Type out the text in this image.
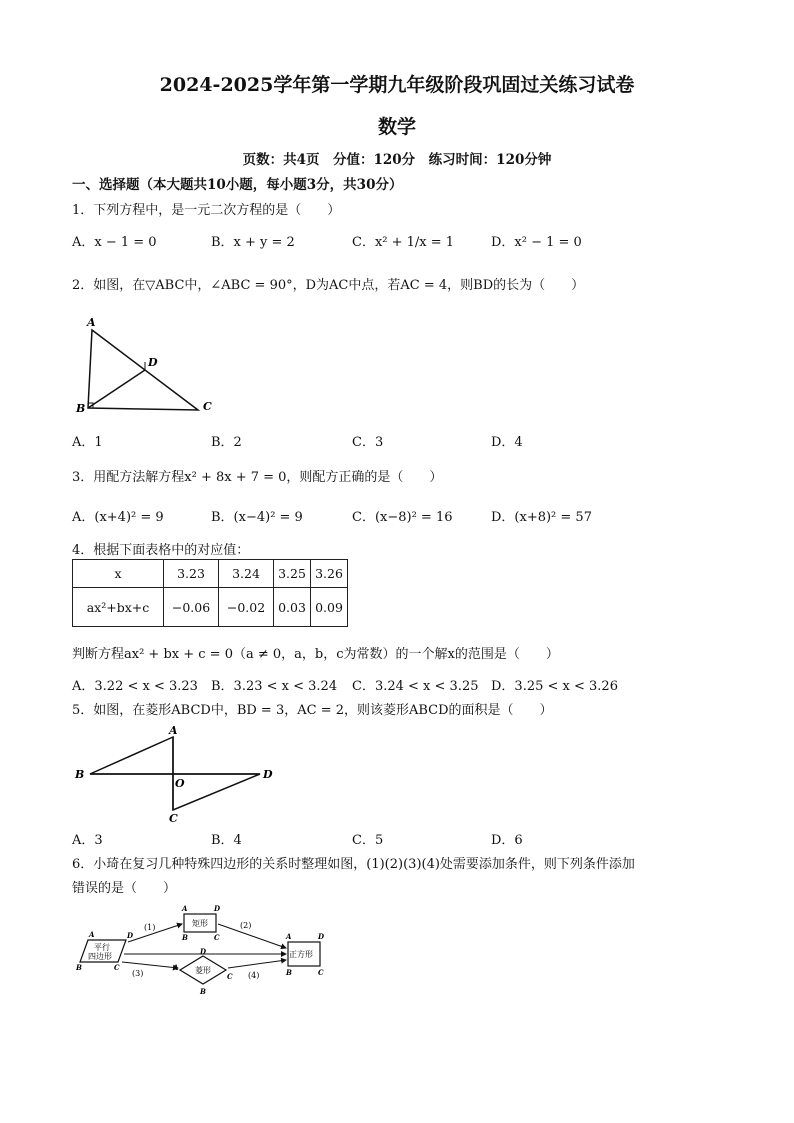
2024-2025学年第一学期九年级阶段巩固过关练习试卷
数学
页数：共4页　分值：120分　练习时间：120分钟
一、选择题（本大题共10小题，每小题3分，共30分）
1．下列方程中，是一元二次方程的是（　　）
A．x − 1 = 0	B．x + y = 2	C．x² + 1/x = 1	D．x² − 1 = 0
2．如图，在▽ABC中，∠ABC = 90°，D为AC中点，若AC = 4，则BD的长为（　　）
A
D
B	C
A．1	B．2	C．3	D．4
3．用配方法解方程x² + 8x + 7 = 0，则配方正确的是（　　）
A．(x+4)² = 9	B．(x−4)² = 9	C．(x−8)² = 16	D．(x+8)² = 57
4．根据下面表格中的对应值：
x	3.23	3.24	3.25	3.26
ax²+bx+c	−0.06	−0.02	0.03	0.09
判断方程ax² + bx + c = 0（a ≠ 0，a，b，c为常数）的一个解x的范围是（　　）
A．3.22 < x < 3.23 B．3.23 < x < 3.24 C．3.24 < x < 3.25 D．3.25 < x < 3.26
5．如图，在菱形ABCD中，BD = 3，AC = 2，则该菱形ABCD的面积是（　　）
A
B
O
D
C
A．3	B．4	C．5	D．6
6．小琦在复习几种特殊四边形的关系时整理如图，(1)(2)(3)(4)处需要添加条件，则下列条件添加
错误的是（　　）
平行
四边形
A	D
B	C
矩形
A	D
B	C
菱形
D
C
B
正方形
A	D
B	C
(1)	(2)
(3)	(4)
